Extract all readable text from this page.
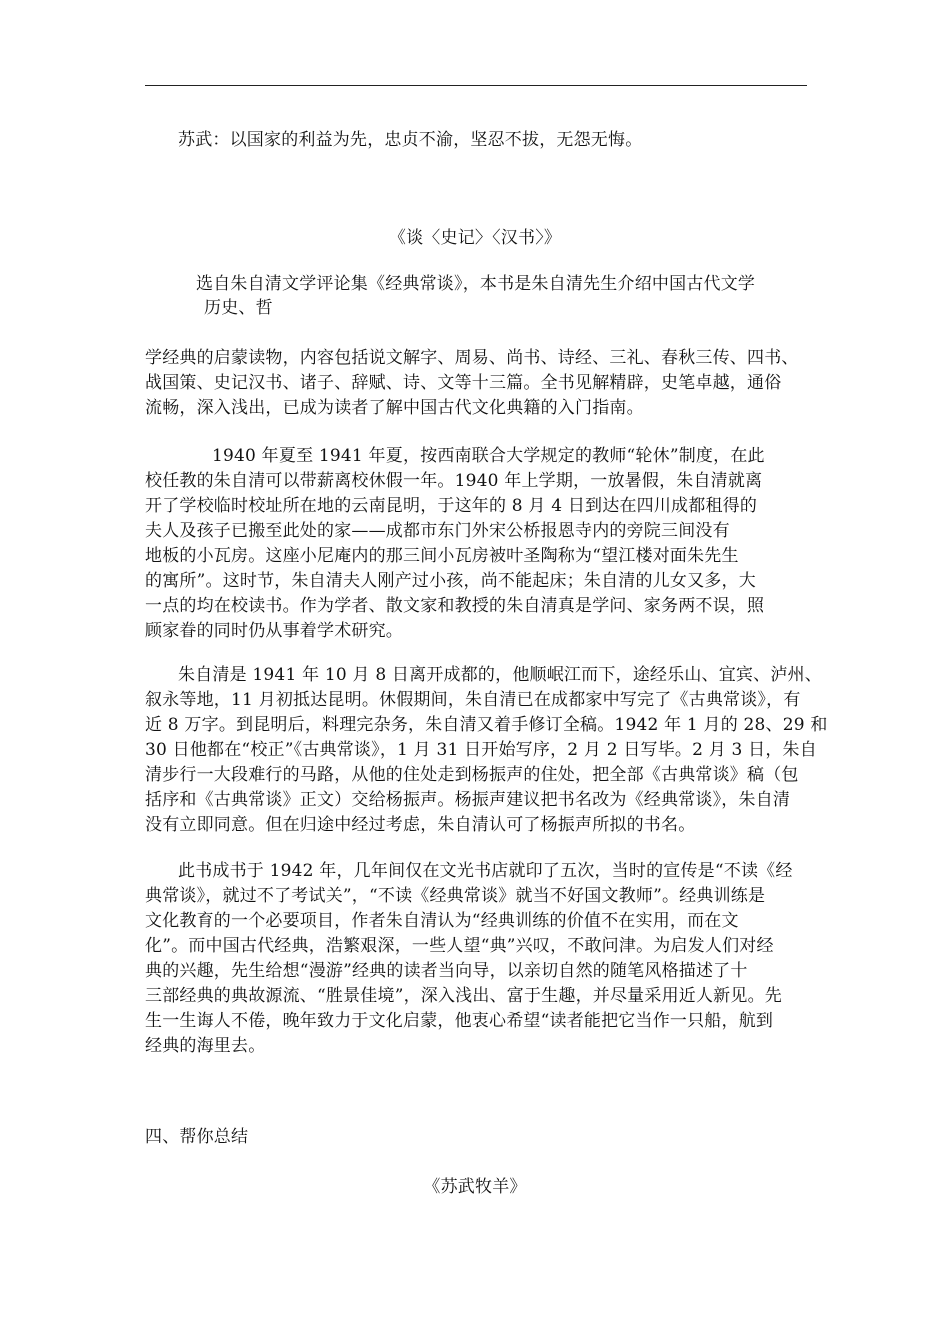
苏武：以国家的利益为先，忠贞不渝，坚忍不拔，无怨无悔。
《谈〈史记〉〈汉书〉》
选自朱自清文学评论集《经典常谈》，本书是朱自清先生介绍中国古代文学
历史、哲
学经典的启蒙读物，内容包括说文解字、周易、尚书、诗经、三礼、春秋三传、四书、
战国策、史记汉书、诸子、辞赋、诗、文等十三篇。全书见解精辟，史笔卓越，通俗
流畅，深入浅出，已成为读者了解中国古代文化典籍的入门指南。
1940 年夏至 1941 年夏，按西南联合大学规定的教师“轮休”制度，在此
校任教的朱自清可以带薪离校休假一年。1940 年上学期，一放暑假，朱自清就离
开了学校临时校址所在地的云南昆明，于这年的 8 月 4 日到达在四川成都租得的
夫人及孩子已搬至此处的家——成都市东门外宋公桥报恩寺内的旁院三间没有
地板的小瓦房。这座小尼庵内的那三间小瓦房被叶圣陶称为“望江楼对面朱先生
的寓所”。这时节，朱自清夫人刚产过小孩，尚不能起床；朱自清的儿女又多，大
一点的均在校读书。作为学者、散文家和教授的朱自清真是学问、家务两不误，照
顾家眷的同时仍从事着学术研究。
朱自清是 1941 年 10 月 8 日离开成都的，他顺岷江而下，途经乐山、宜宾、泸州、
叙永等地，11 月初抵达昆明。休假期间，朱自清已在成都家中写完了《古典常谈》，有
近 8 万字。到昆明后，料理完杂务，朱自清又着手修订全稿。1942 年 1 月的 28、29 和
30 日他都在“校正”《古典常谈》，1 月 31 日开始写序，2 月 2 日写毕。2 月 3 日，朱自
清步行一大段难行的马路，从他的住处走到杨振声的住处，把全部《古典常谈》稿（包
括序和《古典常谈》正文）交给杨振声。杨振声建议把书名改为《经典常谈》，朱自清
没有立即同意。但在归途中经过考虑，朱自清认可了杨振声所拟的书名。
此书成书于 1942 年，几年间仅在文光书店就印了五次，当时的宣传是“不读《经
典常谈》，就过不了考试关”，“不读《经典常谈》就当不好国文教师”。经典训练是
文化教育的一个必要项目，作者朱自清认为“经典训练的价值不在实用，而在文
化”。而中国古代经典，浩繁艰深，一些人望“典”兴叹，不敢问津。为启发人们对经
典的兴趣，先生给想“漫游”经典的读者当向导，以亲切自然的随笔风格描述了十
三部经典的典故源流、“胜景佳境”，深入浅出、富于生趣，并尽量采用近人新见。先
生一生诲人不倦，晚年致力于文化启蒙，他衷心希望“读者能把它当作一只船，航到
经典的海里去。
四、帮你总结
《苏武牧羊》
